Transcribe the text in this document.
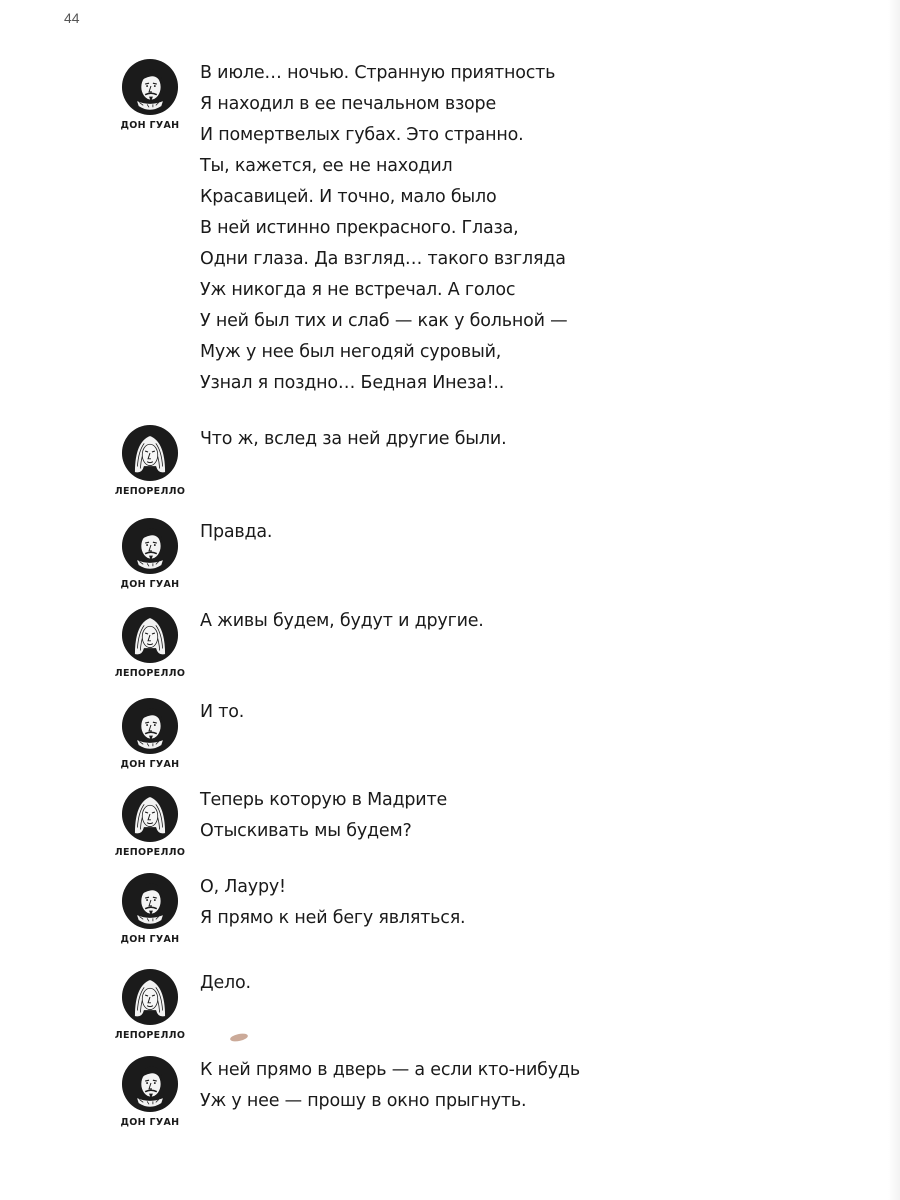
44
ДОН ГУАН
В июле… ночью. Странную приятность
Я находил в ее печальном взоре
И помертвелых губах. Это странно.
Ты, кажется, ее не находил
Красавицей. И точно, мало было
В ней истинно прекрасного. Глаза,
Одни глаза. Да взгляд… такого взгляда
Уж никогда я не встречал. А голос
У ней был тих и слаб — как у больной —
Муж у нее был негодяй суровый,
Узнал я поздно… Бедная Инеза!..
ЛЕПОРЕЛЛО
Что ж, вслед за ней другие были.
ДОН ГУАН
Правда.
ЛЕПОРЕЛЛО
А живы будем, будут и другие.
ДОН ГУАН
И то.
ЛЕПОРЕЛЛО
Теперь которую в Мадрите
Отыскивать мы будем?
ДОН ГУАН
О, Лауру!
Я прямо к ней бегу являться.
ЛЕПОРЕЛЛО
Дело.
ДОН ГУАН
К ней прямо в дверь — а если кто-нибудь
Уж у нее — прошу в окно прыгнуть.
